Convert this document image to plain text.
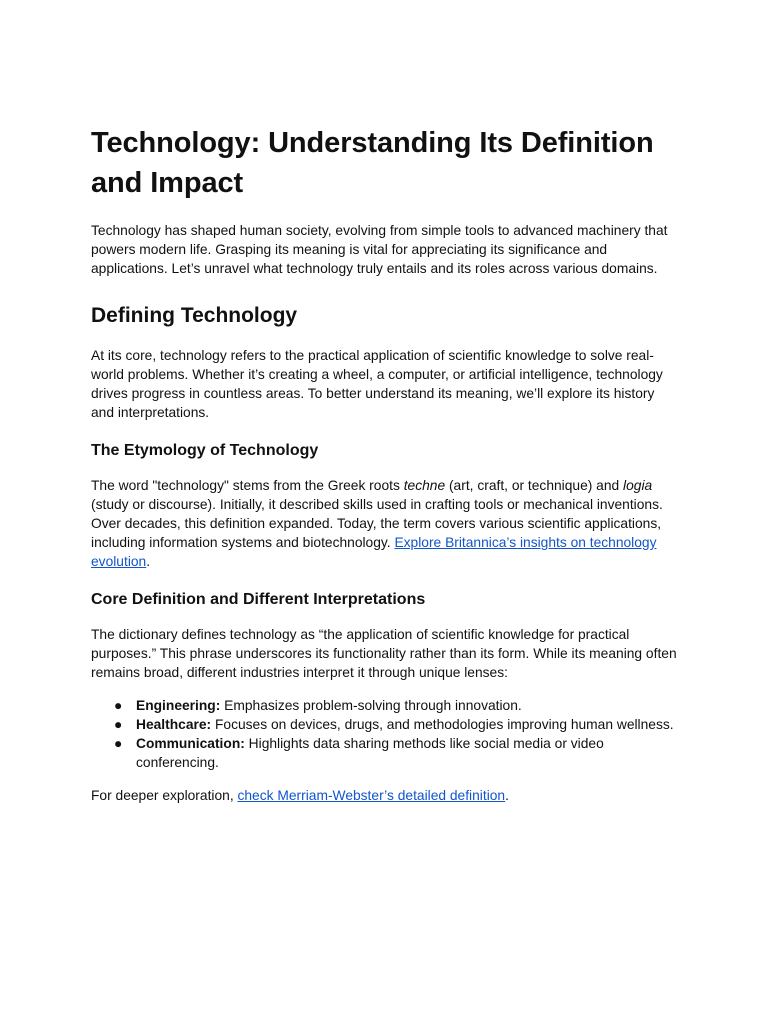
Technology: Understanding Its Definition and Impact

Technology has shaped human society, evolving from simple tools to advanced machinery that powers modern life. Grasping its meaning is vital for appreciating its significance and applications. Let’s unravel what technology truly entails and its roles across various domains.

Defining Technology

At its core, technology refers to the practical application of scientific knowledge to solve real-world problems. Whether it’s creating a wheel, a computer, or artificial intelligence, technology drives progress in countless areas. To better understand its meaning, we’ll explore its history and interpretations.

The Etymology of Technology

The word "technology" stems from the Greek roots techne (art, craft, or technique) and logia (study or discourse). Initially, it described skills used in crafting tools or mechanical inventions. Over decades, this definition expanded. Today, the term covers various scientific applications, including information systems and biotechnology. Explore Britannica’s insights on technology evolution.

Core Definition and Different Interpretations

The dictionary defines technology as “the application of scientific knowledge for practical purposes.” This phrase underscores its functionality rather than its form. While its meaning often remains broad, different industries interpret it through unique lenses:

● Engineering: Emphasizes problem-solving through innovation.
● Healthcare: Focuses on devices, drugs, and methodologies improving human wellness.
● Communication: Highlights data sharing methods like social media or video conferencing.

For deeper exploration, check Merriam-Webster’s detailed definition.
